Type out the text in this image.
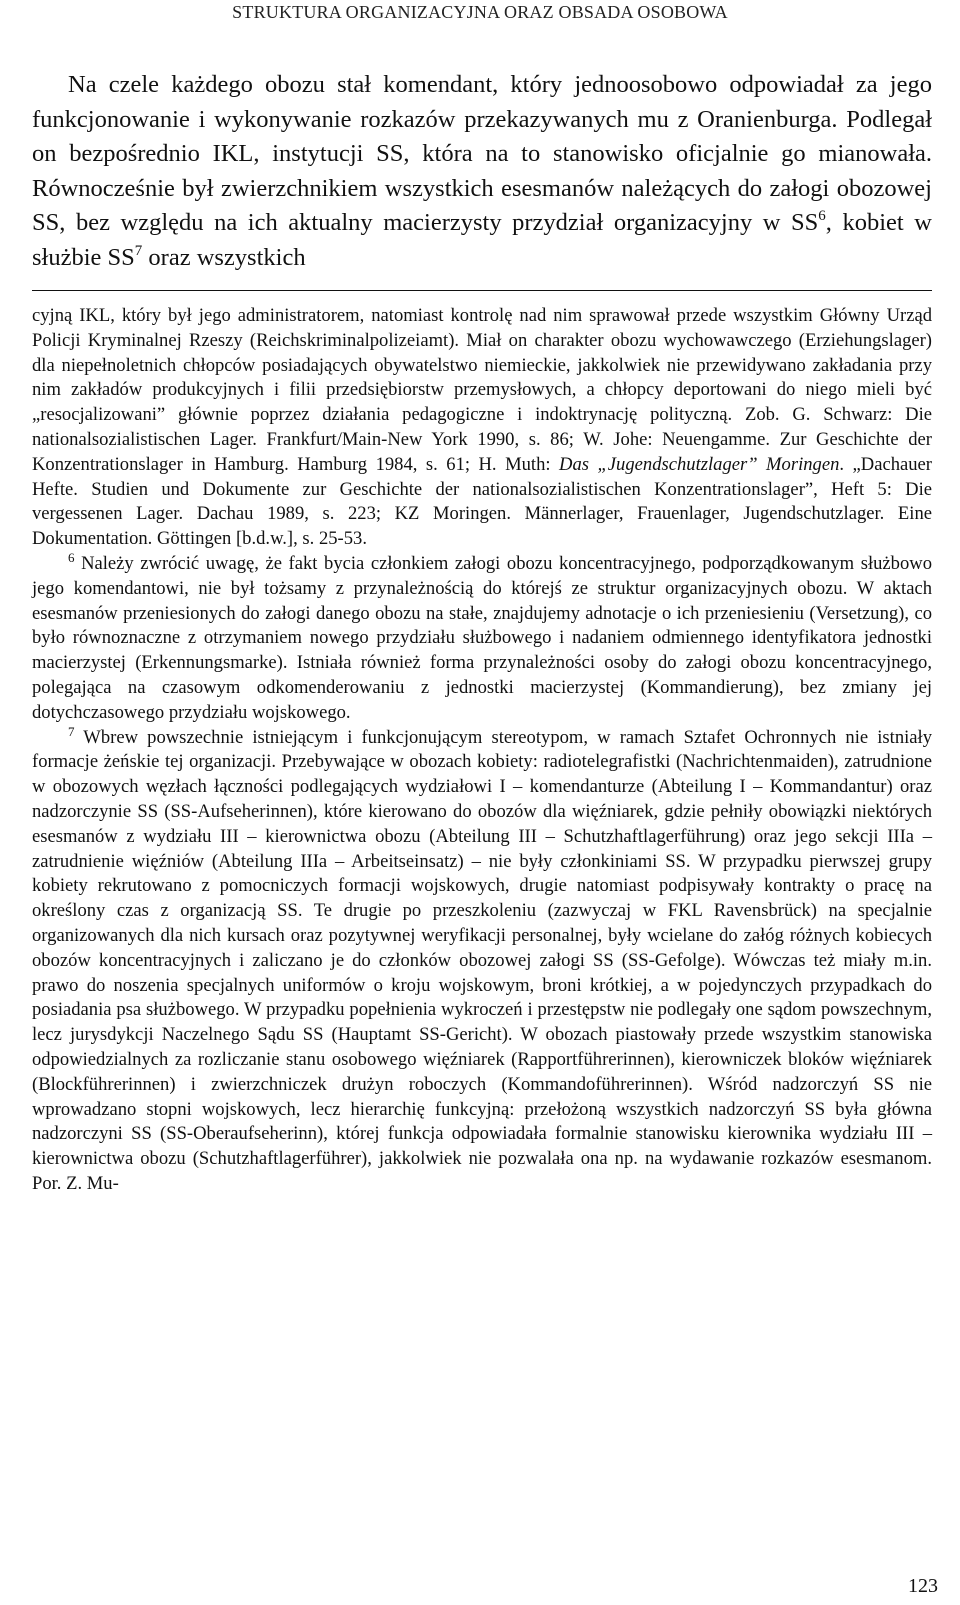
STRUKTURA ORGANIZACYJNA ORAZ OBSADA OSOBOWA

Na czele każdego obozu stał komendant, który jednoosobowo odpowiadał za jego funkcjonowanie i wykonywanie rozkazów przekazywanych mu z Oranienburga. Podlegał on bezpośrednio IKL, instytucji SS, która na to stanowisko oficjalnie go mianowała. Równocześnie był zwierzchnikiem wszystkich esesmanów należących do załogi obozowej SS, bez względu na ich aktualny macierzysty przydział organizacyjny w $SS^6$, kobiet w służbie $SS^7$ oraz wszystkich

cyjną IKL, który był jego administratorem, natomiast kontrolę nad nim sprawował przede wszystkim Główny Urząd Policji Kryminalnej Rzeszy (Reichskriminalpolizeiamt). Miał on charakter obozu wychowawczego (Erziehungslager) dla niepełnoletnich chłopców posiadających obywatelstwo niemieckie, jakkolwiek nie przewidywano zakładania przy nim zakładów produkcyjnych i filii przedsiębiorstw przemysłowych, a chłopcy deportowani do niego mieli być „resocjalizowani” głównie poprzez działania pedagogiczne i indoktrynację polityczną. Zob. G. Schwarz: Die nationalsozialistischen Lager. Frankfurt/Main-New York 1990, s. 86; W. Johe: Neuengamme. Zur Geschichte der Konzentrationslager in Hamburg. Hamburg 1984, s. 61; H. Muth: Das „Jugendschutzlager” Moringen. „Dachauer Hefte. Studien und Dokumente zur Geschichte der nationalsozialistischen Konzentrationslager”, Heft 5: Die vergessenen Lager. Dachau 1989, s. 223; KZ Moringen. Männerlager, Frauenlager, Jugendschutzlager. Eine Dokumentation. Göttingen [b.d.w.], s. 25-53.

$^6$ Należy zwrócić uwagę, że fakt bycia członkiem załogi obozu koncentracyjnego, podporządkowanym służbowo jego komendantowi, nie był tożsamy z przynależnością do którejś ze struktur organizacyjnych obozu. W aktach esesmanów przeniesionych do załogi danego obozu na stałe, znajdujemy adnotacje o ich przeniesieniu (Versetzung), co było równoznaczne z otrzymaniem nowego przydziału służbowego i nadaniem odmiennego identyfikatora jednostki macierzystej (Erkennungsmarke). Istniała również forma przynależności osoby do załogi obozu koncentracyjnego, polegająca na czasowym odkomenderowaniu z jednostki macierzystej (Kommandierung), bez zmiany jej dotychczasowego przydziału wojskowego.

$^7$ Wbrew powszechnie istniejącym i funkcjonującym stereotypom, w ramach Sztafet Ochronnych nie istniały formacje żeńskie tej organizacji. Przebywające w obozach kobiety: radiotelegrafistki (Nachrichtenmaiden), zatrudnione w obozowych węzłach łączności podlegających wydziałowi I – komendanturze (Abteilung I – Kommandantur) oraz nadzorczynie SS (SS-Aufseherinnen), które kierowano do obozów dla więźniarek, gdzie pełniły obowiązki niektórych esesmanów z wydziału III – kierownictwa obozu (Abteilung III – Schutzhaftlagerführung) oraz jego sekcji IIIa – zatrudnienie więźniów (Abteilung IIIa – Arbeitseinsatz) – nie były członkiniami SS. W przypadku pierwszej grupy kobiety rekrutowano z pomocniczych formacji wojskowych, drugie natomiast podpisywały kontrakty o pracę na określony czas z organizacją SS. Te drugie po przeszkoleniu (zazwyczaj w FKL Ravensbrück) na specjalnie organizowanych dla nich kursach oraz pozytywnej weryfikacji personalnej, były wcielane do załóg różnych kobiecych obozów koncentracyjnych i zaliczano je do członków obozowej załogi SS (SS-Gefolge). Wówczas też miały m.in. prawo do noszenia specjalnych uniformów o kroju wojskowym, broni krótkiej, a w pojedynczych przypadkach do posiadania psa służbowego. W przypadku popełnienia wykroczeń i przestępstw nie podlegały one sądom powszechnym, lecz jurysdykcji Naczelnego Sądu SS (Hauptamt SS-Gericht). W obozach piastowały przede wszystkim stanowiska odpowiedzialnych za rozliczanie stanu osobowego więźniarek (Rapportführerinnen), kierowniczek bloków więźniarek (Blockführerinnen) i zwierzchniczek drużyn roboczych (Kommandoführerinnen). Wśród nadzorczyń SS nie wprowadzano stopni wojskowych, lecz hierarchię funkcyjną: przełożoną wszystkich nadzorczyń SS była główna nadzorczyni SS (SS-Oberaufseherinn), której funkcja odpowiadała formalnie stanowisku kierownika wydziału III – kierownictwa obozu (Schutzhaftlagerführer), jakkolwiek nie pozwalała ona np. na wydawanie rozkazów esesmanom. Por. Z. Mu-

123
